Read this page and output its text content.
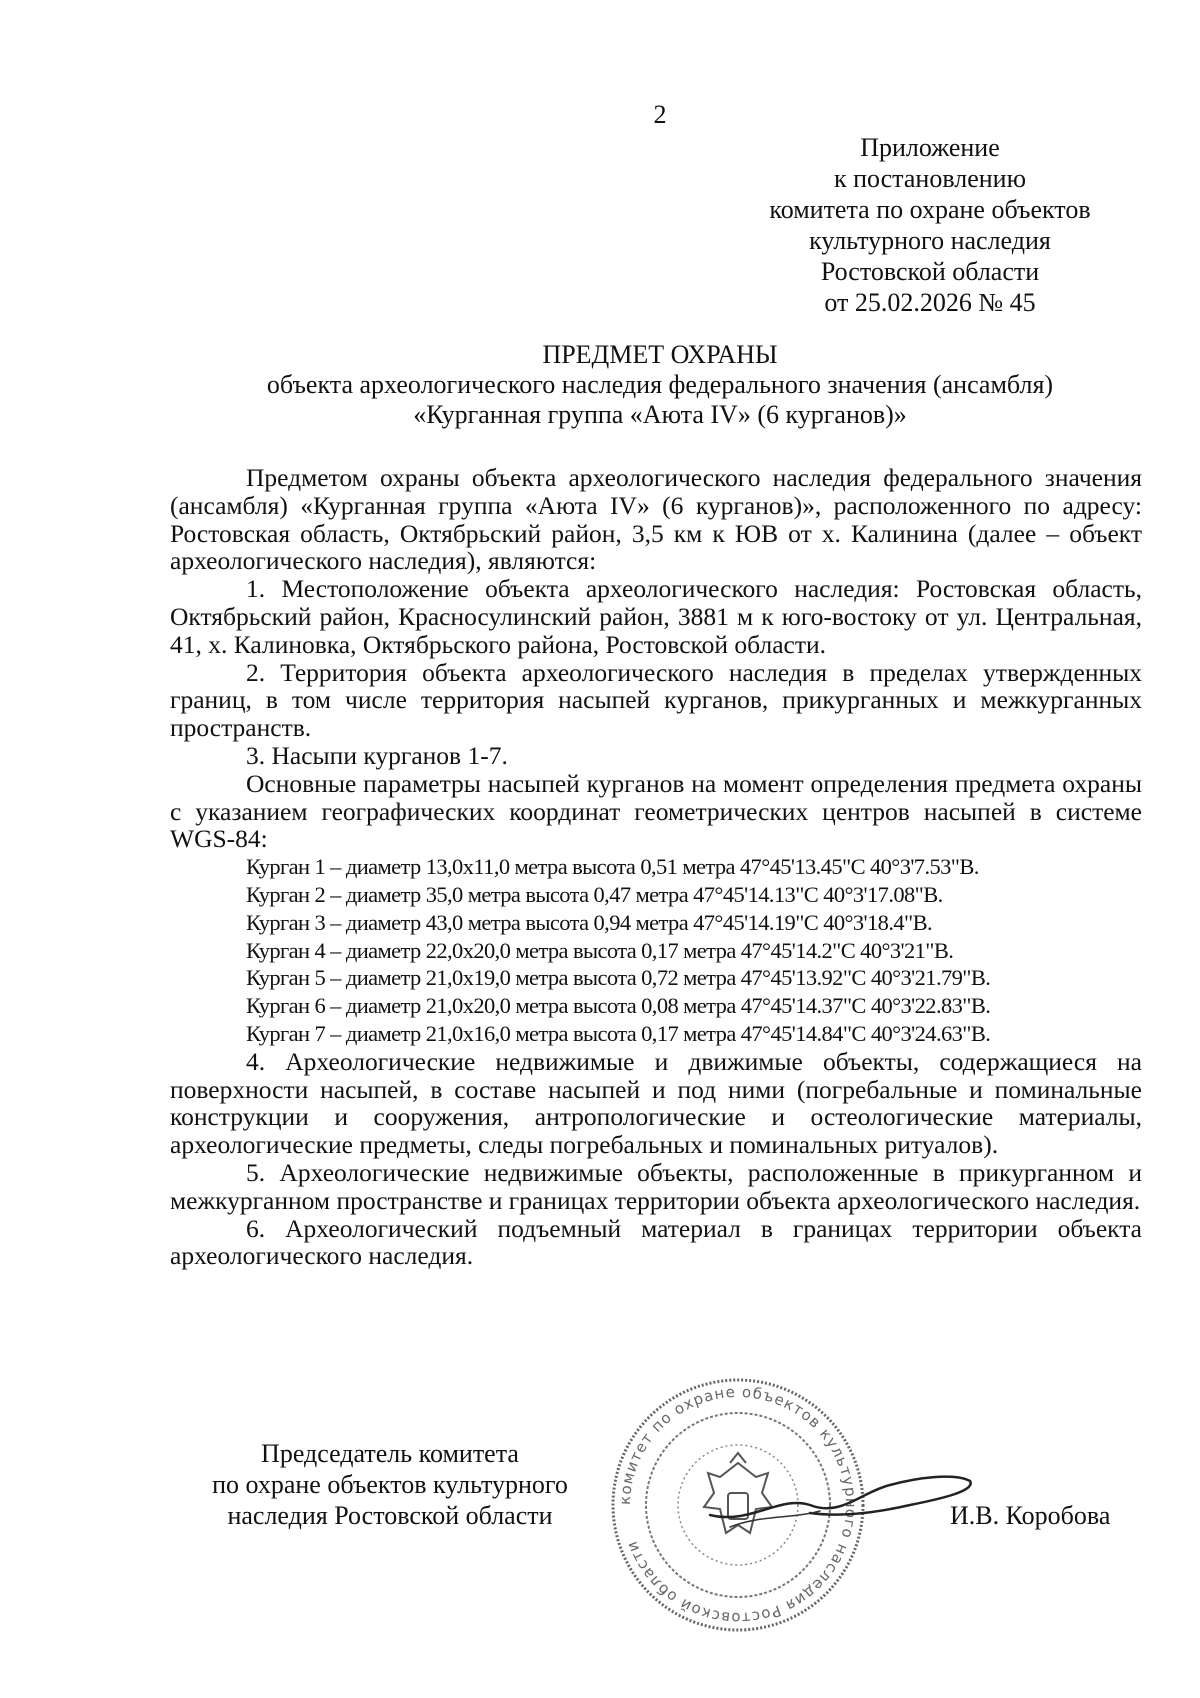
2
Приложение
к постановлению
комитета по охране объектов
культурного наследия
Ростовской области
от 25.02.2026 № 45
ПРЕДМЕТ ОХРАНЫ
объекта археологического наследия федерального значения (ансамбля)
«Курганная группа «Аюта IV» (6 курганов)»

Предметом охраны объекта археологического наследия федерального значения (ансамбля) «Курганная группа «Аюта IV» (6 курганов)», расположенного по адресу: Ростовская область, Октябрьский район, 3,5 км к ЮВ от х. Калинина (далее – объект археологического наследия), являются:

1. Местоположение объекта археологического наследия: Ростовская область, Октябрьский район, Красносулинский район, 3881 м к юго-востоку от ул. Центральная, 41, х. Калиновка, Октябрьского района, Ростовской области.

2. Территория объекта археологического наследия в пределах утвержденных границ, в том числе территория насыпей курганов, прикурганных и межкурганных пространств.

3. Насыпи курганов 1-7.

Основные параметры насыпей курганов на момент определения предмета охраны с указанием географических координат геометрических центров насыпей в системе WGS-84:

Курган 1 – диаметр 13,0х11,0 метра высота 0,51 метра 47°45'13.45"С 40°3'7.53"В.
Курган 2 – диаметр 35,0 метра высота 0,47 метра 47°45'14.13"С 40°3'17.08"В.
Курган 3 – диаметр 43,0 метра высота 0,94 метра 47°45'14.19"С 40°3'18.4"В.
Курган 4 – диаметр 22,0х20,0 метра высота 0,17 метра 47°45'14.2"С 40°3'21"В.
Курган 5 – диаметр 21,0х19,0 метра высота 0,72 метра 47°45'13.92"С 40°3'21.79"В.
Курган 6 – диаметр 21,0х20,0 метра высота 0,08 метра 47°45'14.37"С 40°3'22.83"В.
Курган 7 – диаметр 21,0х16,0 метра высота 0,17 метра 47°45'14.84"С 40°3'24.63"В.

4. Археологические недвижимые и движимые объекты, содержащиеся на поверхности насыпей, в составе насыпей и под ними (погребальные и поминальные конструкции и сооружения, антропологические и остеологические материалы, археологические предметы, следы погребальных и поминальных ритуалов).

5. Археологические недвижимые объекты, расположенные в прикурганном и межкурганном пространстве и границах территории объекта археологического наследия.

6. Археологический подъемный материал в границах территории объекта археологического наследия.

Председатель комитета
по охране объектов культурного
наследия Ростовской области
комитет по охране объектов культурного наследия Ростовской области
И.В. Коробова
